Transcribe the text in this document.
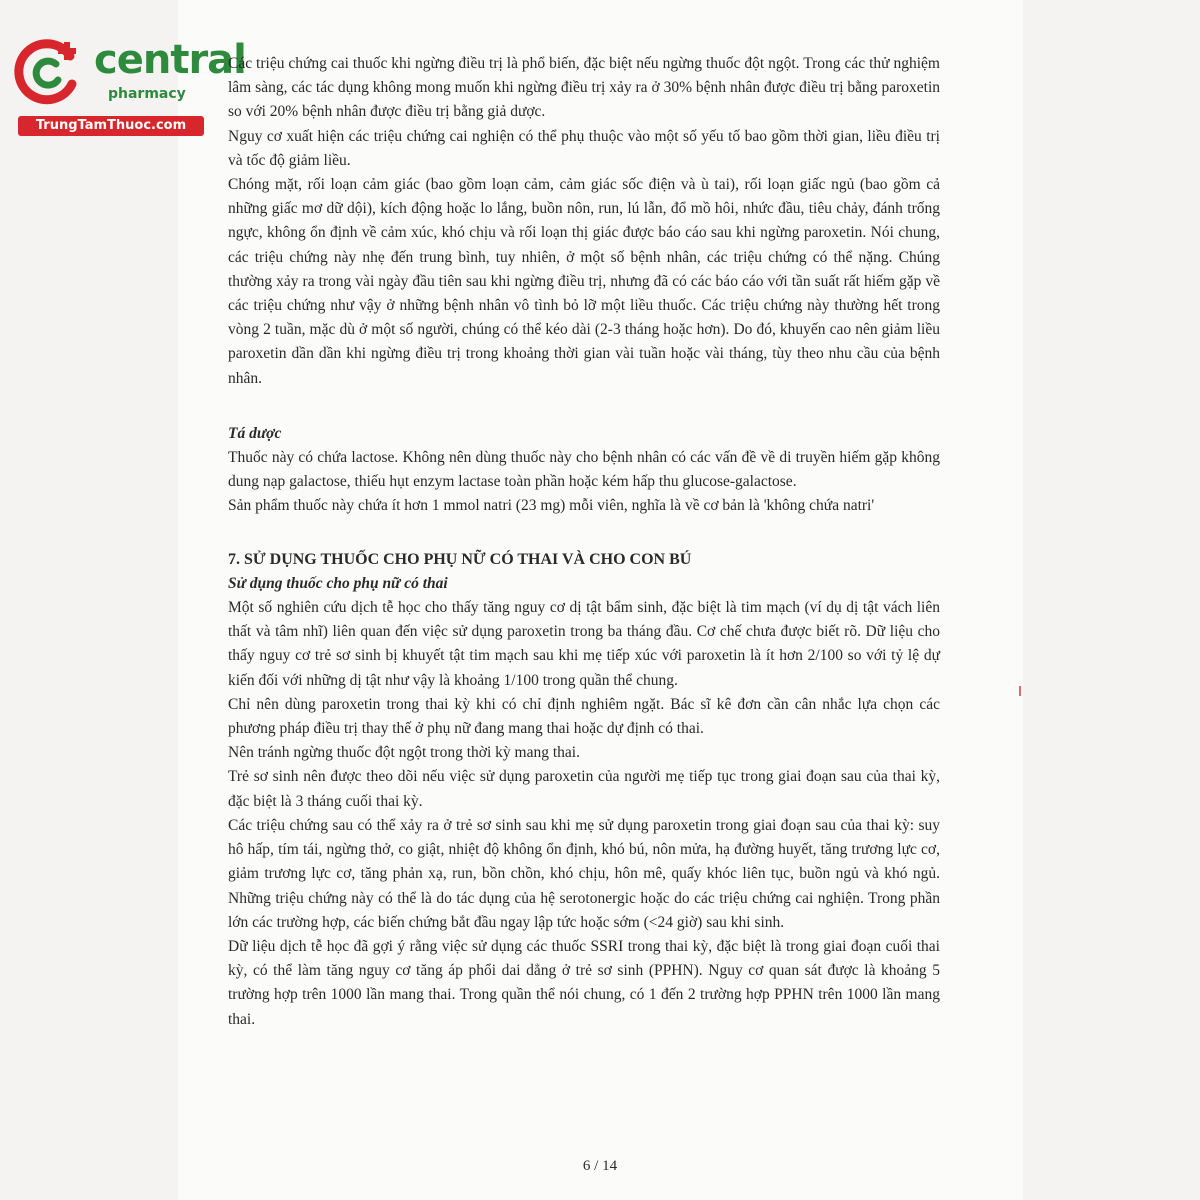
central
pharmacy
TrungTamThuoc.com

Các triệu chứng cai thuốc khi ngừng điều trị là phổ biến, đặc biệt nếu ngừng thuốc đột ngột. Trong các thử nghiệm lâm sàng, các tác dụng không mong muốn khi ngừng điều trị xảy ra ở 30% bệnh nhân được điều trị bằng paroxetin so với 20% bệnh nhân được điều trị bằng giả dược.

Nguy cơ xuất hiện các triệu chứng cai nghiện có thể phụ thuộc vào một số yếu tố bao gồm thời gian, liều điều trị và tốc độ giảm liều.

Chóng mặt, rối loạn cảm giác (bao gồm loạn cảm, cảm giác sốc điện và ù tai), rối loạn giấc ngủ (bao gồm cả những giấc mơ dữ dội), kích động hoặc lo lắng, buồn nôn, run, lú lẫn, đổ mồ hôi, nhức đầu, tiêu chảy, đánh trống ngực, không ổn định về cảm xúc, khó chịu và rối loạn thị giác được báo cáo sau khi ngừng paroxetin. Nói chung, các triệu chứng này nhẹ đến trung bình, tuy nhiên, ở một số bệnh nhân, các triệu chứng có thể nặng. Chúng thường xảy ra trong vài ngày đầu tiên sau khi ngừng điều trị, nhưng đã có các báo cáo với tần suất rất hiếm gặp về các triệu chứng như vậy ở những bệnh nhân vô tình bỏ lỡ một liều thuốc. Các triệu chứng này thường hết trong vòng 2 tuần, mặc dù ở một số người, chúng có thể kéo dài (2-3 tháng hoặc hơn). Do đó, khuyến cao nên giảm liều paroxetin dần dần khi ngừng điều trị trong khoảng thời gian vài tuần hoặc vài tháng, tùy theo nhu cầu của bệnh nhân.

Tá dược

Thuốc này có chứa lactose. Không nên dùng thuốc này cho bệnh nhân có các vấn đề về di truyền hiếm gặp không dung nạp galactose, thiếu hụt enzym lactase toàn phần hoặc kém hấp thu glucose-galactose.

Sản phẩm thuốc này chứa ít hơn 1 mmol natri (23 mg) mỗi viên, nghĩa là về cơ bản là 'không chứa natri'

7. SỬ DỤNG THUỐC CHO PHỤ NỮ CÓ THAI VÀ CHO CON BÚ

Sử dụng thuốc cho phụ nữ có thai

Một số nghiên cứu dịch tễ học cho thấy tăng nguy cơ dị tật bẩm sinh, đặc biệt là tim mạch (ví dụ dị tật vách liên thất và tâm nhĩ) liên quan đến việc sử dụng paroxetin trong ba tháng đầu. Cơ chế chưa được biết rõ. Dữ liệu cho thấy nguy cơ trẻ sơ sinh bị khuyết tật tim mạch sau khi mẹ tiếp xúc với paroxetin là ít hơn 2/100 so với tỷ lệ dự kiến đối với những dị tật như vậy là khoảng 1/100 trong quần thể chung.

Chỉ nên dùng paroxetin trong thai kỳ khi có chỉ định nghiêm ngặt. Bác sĩ kê đơn cần cân nhắc lựa chọn các phương pháp điều trị thay thế ở phụ nữ đang mang thai hoặc dự định có thai.

Nên tránh ngừng thuốc đột ngột trong thời kỳ mang thai.

Trẻ sơ sinh nên được theo dõi nếu việc sử dụng paroxetin của người mẹ tiếp tục trong giai đoạn sau của thai kỳ, đặc biệt là 3 tháng cuối thai kỳ.

Các triệu chứng sau có thể xảy ra ở trẻ sơ sinh sau khi mẹ sử dụng paroxetin trong giai đoạn sau của thai kỳ: suy hô hấp, tím tái, ngừng thở, co giật, nhiệt độ không ổn định, khó bú, nôn mửa, hạ đường huyết, tăng trương lực cơ, giảm trương lực cơ, tăng phản xạ, run, bồn chồn, khó chịu, hôn mê, quấy khóc liên tục, buồn ngủ và khó ngủ. Những triệu chứng này có thể là do tác dụng của hệ serotonergic hoặc do các triệu chứng cai nghiện. Trong phần lớn các trường hợp, các biến chứng bắt đầu ngay lập tức hoặc sớm (<24 giờ) sau khi sinh.

Dữ liệu dịch tễ học đã gợi ý rằng việc sử dụng các thuốc SSRI trong thai kỳ, đặc biệt là trong giai đoạn cuối thai kỳ, có thể làm tăng nguy cơ tăng áp phổi dai dẳng ở trẻ sơ sinh (PPHN). Nguy cơ quan sát được là khoảng 5 trường hợp trên 1000 lần mang thai. Trong quần thể nói chung, có 1 đến 2 trường hợp PPHN trên 1000 lần mang thai.

6 / 14
